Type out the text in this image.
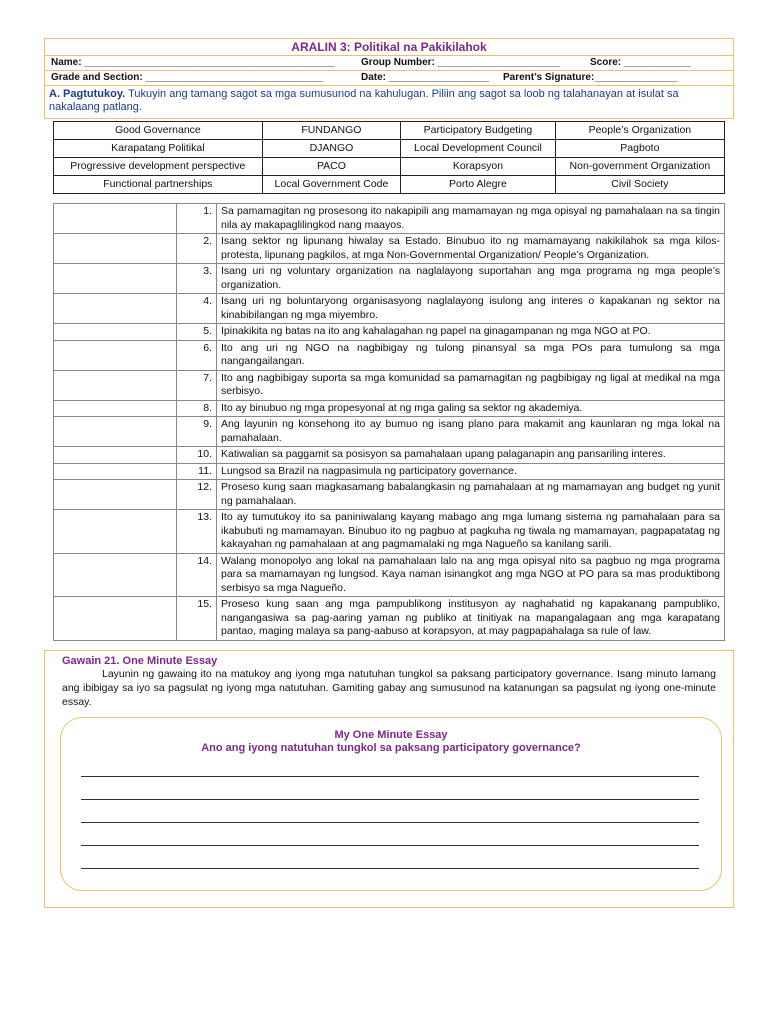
ARALIN 3: Politikal na Pakikilahok
Name: _____________________________________________	Group Number: ______________________	Score: ____________
Grade and Section: ________________________________	Date: __________________ Parent’s Signature:_______________
A. Pagtutukoy. Tukuyin ang tamang sagot sa mga sumusunod na kahulugan. Piliin ang sagot sa loob ng talahanayan at isulat sa nakalaang patlang.
Good Governance	FUNDANGO	Participatory Budgeting	People’s Organization
Karapatang Politikal	DJANGO	Local Development Council	Pagboto
Progressive development perspective	PACO	Korapsyon	Non-government Organization
Functional partnerships	Local Government Code	Porto Alegre	Civil Society
	1.	Sa pamamagitan ng prosesong ito nakapipili ang mamamayan ng mga opisyal ng pamahalaan na sa tingin nila ay makapaglilingkod nang maayos.
	2.	Isang sektor ng lipunang hiwalay sa Estado. Binubuo ito ng mamamayang nakikilahok sa mga kilos-protesta, lipunang pagkilos, at mga Non-Governmental Organization/ People’s Organization.
	3.	Isang uri ng voluntary organization na naglalayong suportahan ang mga programa ng mga people’s organization.
	4.	Isang uri ng boluntaryong organisasyong naglalayong isulong ang interes o kapakanan ng sektor na kinabibilangan ng mga miyembro.
	5.	Ipinakikita ng batas na ito ang kahalagahan ng papel na ginagampanan ng mga NGO at PO.
	6.	Ito ang uri ng NGO na nagbibigay ng tulong pinansyal sa mga POs para tumulong sa mga nangangailangan.
	7.	Ito ang nagbibigay suporta sa mga komunidad sa pamamagitan ng pagbibigay ng ligal at medikal na mga serbisyo.
	8.	Ito ay binubuo ng mga propesyonal at ng mga galing sa sektor ng akademiya.
	9.	Ang layunin ng konsehong ito ay bumuo ng isang plano para makamit ang kaunlaran ng mga lokal na pamahalaan.
	10.	Katiwalian sa paggamit sa posisyon sa pamahalaan upang palaganapin ang pansariling interes.
	11.	Lungsod sa Brazil na nagpasimula ng participatory governance.
	12.	Proseso kung saan magkasamang babalangkasin ng pamahalaan at ng mamamayan ang budget ng yunit ng pamahalaan.
	13.	Ito ay tumutukoy ito sa paniniwalang kayang mabago ang mga lumang sistema ng pamahalaan para sa ikabubuti ng mamamayan. Binubuo ito ng pagbuo at pagkuha ng tiwala ng mamamayan, pagpapatatag ng kakayahan ng pamahalaan at ang pagmamalaki ng mga Nagueño sa kanilang sarili.
	14.	Walang monopolyo ang lokal na pamahalaan lalo na ang mga opisyal nito sa pagbuo ng mga programa para sa mamamayan ng lungsod. Kaya naman isinangkot ang mga NGO at PO para sa mas produktibong serbisyo sa mga Nagueño.
	15.	Proseso kung saan ang mga pampublikong institusyon ay naghahatid ng kapakanang pampubliko, nangangasiwa sa pag-aaring yaman ng publiko at tinitiyak na mapangalagaan ang mga karapatang pantao, maging malaya sa pang-aabuso at korapsyon, at may pagpapahalaga sa rule of law.
Gawain 21. One Minute Essay
Layunin ng gawaing ito na matukoy ang iyong mga natutuhan tungkol sa paksang participatory governance. Isang minuto lamang ang ibibigay sa iyo sa pagsulat ng iyong mga natutuhan. Gamiting gabay ang sumusunod na katanungan sa pagsulat ng iyong one-minute essay.
My One Minute Essay
Ano ang iyong natutuhan tungkol sa paksang participatory governance?
